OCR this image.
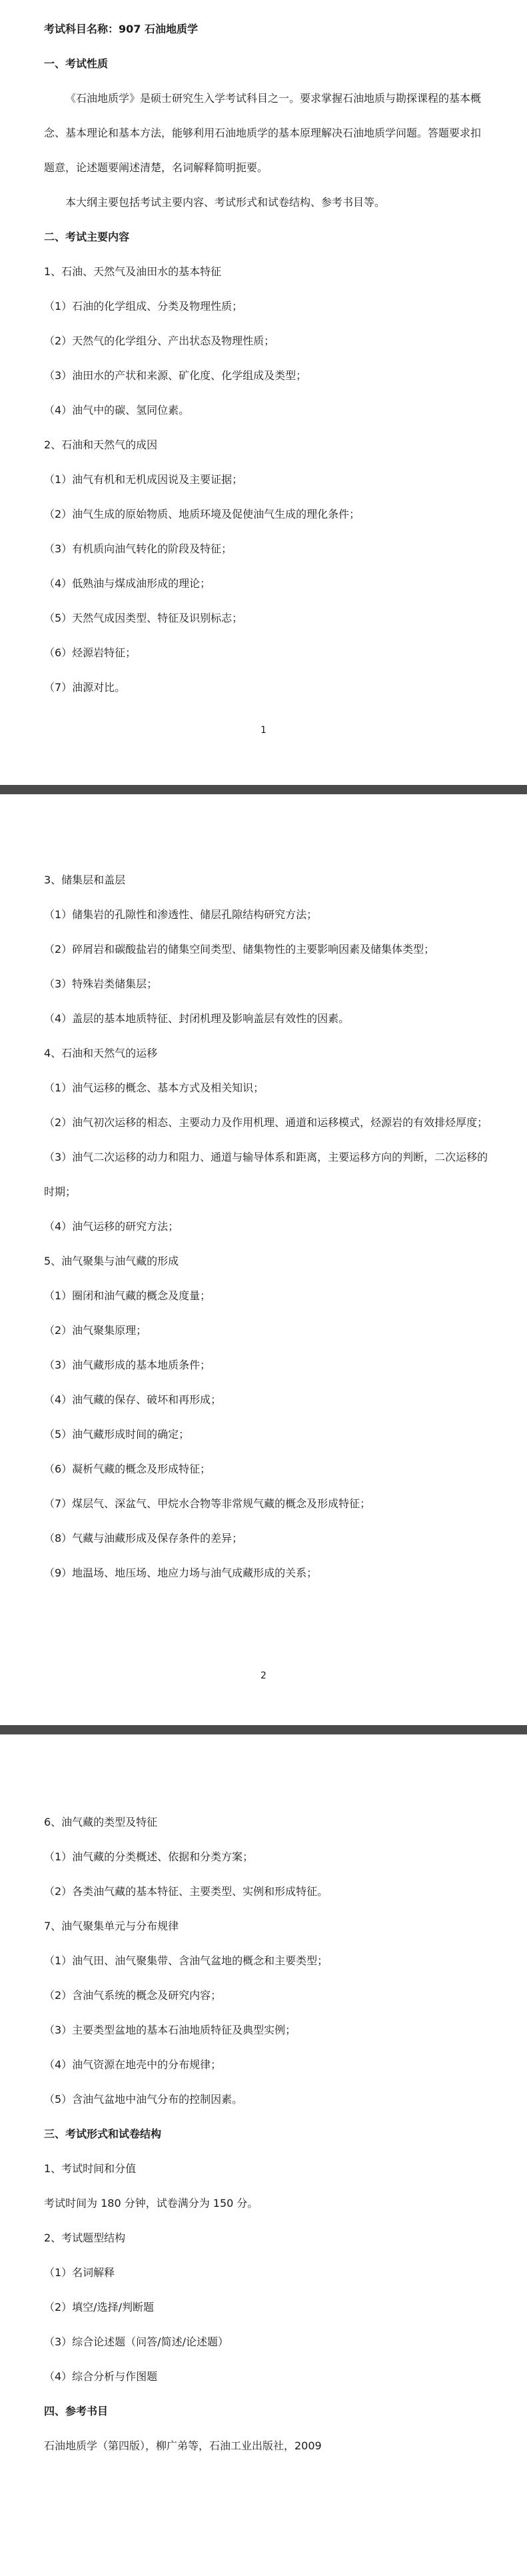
考试科目名称：907 石油地质学

一、考试性质

《石油地质学》是硕士研究生入学考试科目之一。要求掌握石油地质与勘探课程的基本概念、基本理论和基本方法，能够利用石油地质学的基本原理解决石油地质学问题。答题要求扣题意，论述题要阐述清楚，名词解释简明扼要。

本大纲主要包括考试主要内容、考试形式和试卷结构、参考书目等。

二、考试主要内容

1、石油、天然气及油田水的基本特征

（1）石油的化学组成、分类及物理性质；

（2）天然气的化学组分、产出状态及物理性质；

（3）油田水的产状和来源、矿化度、化学组成及类型；

（4）油气中的碳、氢同位素。

2、石油和天然气的成因

（1）油气有机和无机成因说及主要证据；

（2）油气生成的原始物质、地质环境及促使油气生成的理化条件；

（3）有机质向油气转化的阶段及特征；

（4）低熟油与煤成油形成的理论；

（5）天然气成因类型、特征及识别标志；

（6）烃源岩特征；

（7）油源对比。

1

3、储集层和盖层

（1）储集岩的孔隙性和渗透性、储层孔隙结构研究方法；

（2）碎屑岩和碳酸盐岩的储集空间类型、储集物性的主要影响因素及储集体类型；

（3）特殊岩类储集层；

（4）盖层的基本地质特征、封闭机理及影响盖层有效性的因素。

4、石油和天然气的运移

（1）油气运移的概念、基本方式及相关知识；

（2）油气初次运移的相态、主要动力及作用机理、通道和运移模式，烃源岩的有效排烃厚度；

（3）油气二次运移的动力和阻力、通道与输导体系和距离，主要运移方向的判断，二次运移的时期；

（4）油气运移的研究方法；

5、油气聚集与油气藏的形成

（1）圈闭和油气藏的概念及度量；

（2）油气聚集原理；

（3）油气藏形成的基本地质条件；

（4）油气藏的保存、破坏和再形成；

（5）油气藏形成时间的确定；

（6）凝析气藏的概念及形成特征；

（7）煤层气、深盆气、甲烷水合物等非常规气藏的概念及形成特征；

（8）气藏与油藏形成及保存条件的差异；

（9）地温场、地压场、地应力场与油气成藏形成的关系；

2

6、油气藏的类型及特征

（1）油气藏的分类概述、依据和分类方案；

（2）各类油气藏的基本特征、主要类型、实例和形成特征。

7、油气聚集单元与分布规律

（1）油气田、油气聚集带、含油气盆地的概念和主要类型；

（2）含油气系统的概念及研究内容；

（3）主要类型盆地的基本石油地质特征及典型实例；

（4）油气资源在地壳中的分布规律；

（5）含油气盆地中油气分布的控制因素。

三、考试形式和试卷结构

1、考试时间和分值

考试时间为 180 分钟，试卷满分为 150 分。

2、考试题型结构

（1）名词解释

（2）填空/选择/判断题

（3）综合论述题（问答/简述/论述题）

（4）综合分析与作图题

四、参考书目

石油地质学（第四版），柳广弟等，石油工业出版社，2009
